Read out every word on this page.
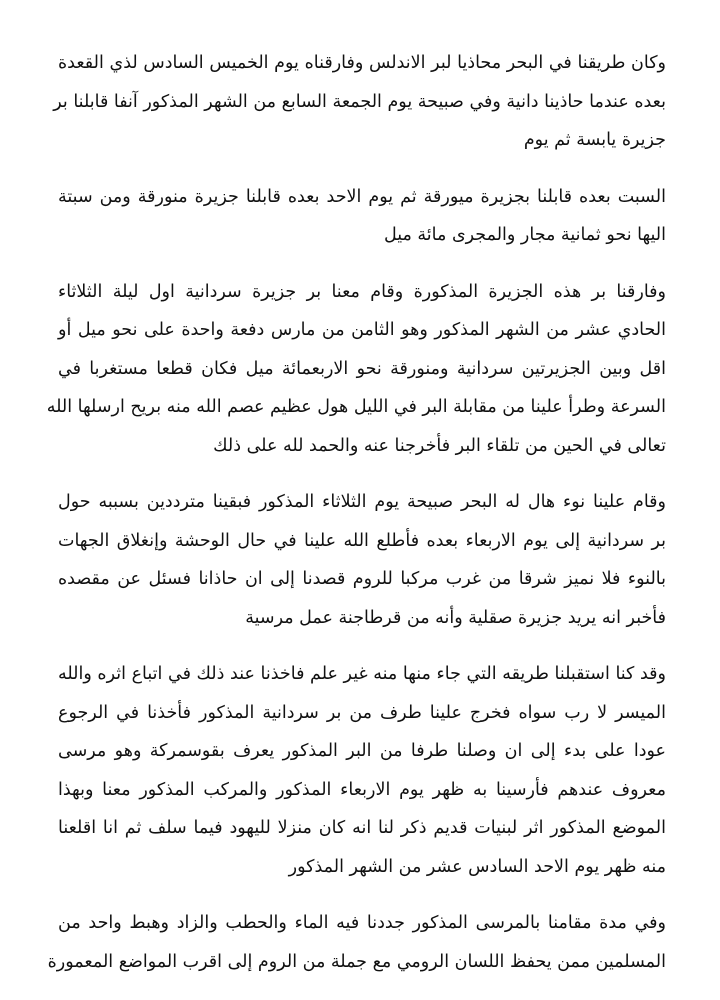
وكان طريقنا في البحر محاذيا لبر الاندلس وفارقناه يوم الخميس السادس لذي القعدة
بعده عندما حاذينا دانية وفي صبيحة يوم الجمعة السابع من الشهر المذكور آنفا قابلنا بر
جزيرة يابسة ثم يوم
السبت بعده قابلنا بجزيرة ميورقة ثم يوم الاحد بعده قابلنا جزيرة منورقة ومن سبتة
اليها نحو ثمانية مجار والمجرى مائة ميل
وفارقنا بر هذه الجزيرة المذكورة وقام معنا بر جزيرة سردانية اول ليلة الثلاثاء
الحادي عشر من الشهر المذكور وهو الثامن من مارس دفعة واحدة على نحو ميل أو
اقل وبين الجزيرتين سردانية ومنورقة نحو الاربعمائة ميل فكان قطعا مستغربا في
السرعة وطرأ علينا من مقابلة البر في الليل هول عظيم عصم الله منه بريح ارسلها الله
تعالى في الحين من تلقاء البر فأخرجنا عنه والحمد لله على ذلك
وقام علينا نوء هال له البحر صبيحة يوم الثلاثاء المذكور فبقينا مترددين بسببه حول
بر سردانية إلى يوم الاربعاء بعده فأطلع الله علينا في حال الوحشة وإنغلاق الجهات
بالنوء فلا نميز شرقا من غرب مركبا للروم قصدنا إلى ان حاذانا فسئل عن مقصده
فأخبر انه يريد جزيرة صقلية وأنه من قرطاجنة عمل مرسية
وقد كنا استقبلنا طريقه التي جاء منها منه غير علم فاخذنا عند ذلك في اتباع اثره والله
الميسر لا رب سواه فخرج علينا طرف من بر سردانية المذكور فأخذنا في الرجوع
عودا على بدء إلى ان وصلنا طرفا من البر المذكور يعرف بقوسمركة وهو مرسى
معروف عندهم فأرسينا به ظهر يوم الاربعاء المذكور والمركب المذكور معنا وبهذا
الموضع المذكور اثر لبنيات قديم ذكر لنا انه كان منزلا لليهود فيما سلف ثم انا اقلعنا
منه ظهر يوم الاحد السادس عشر من الشهر المذكور
وفي مدة مقامنا بالمرسى المذكور جددنا فيه الماء والحطب والزاد وهبط واحد من
المسلمين ممن يحفظ اللسان الرومي مع جملة من الروم إلى اقرب المواضع المعمورة
